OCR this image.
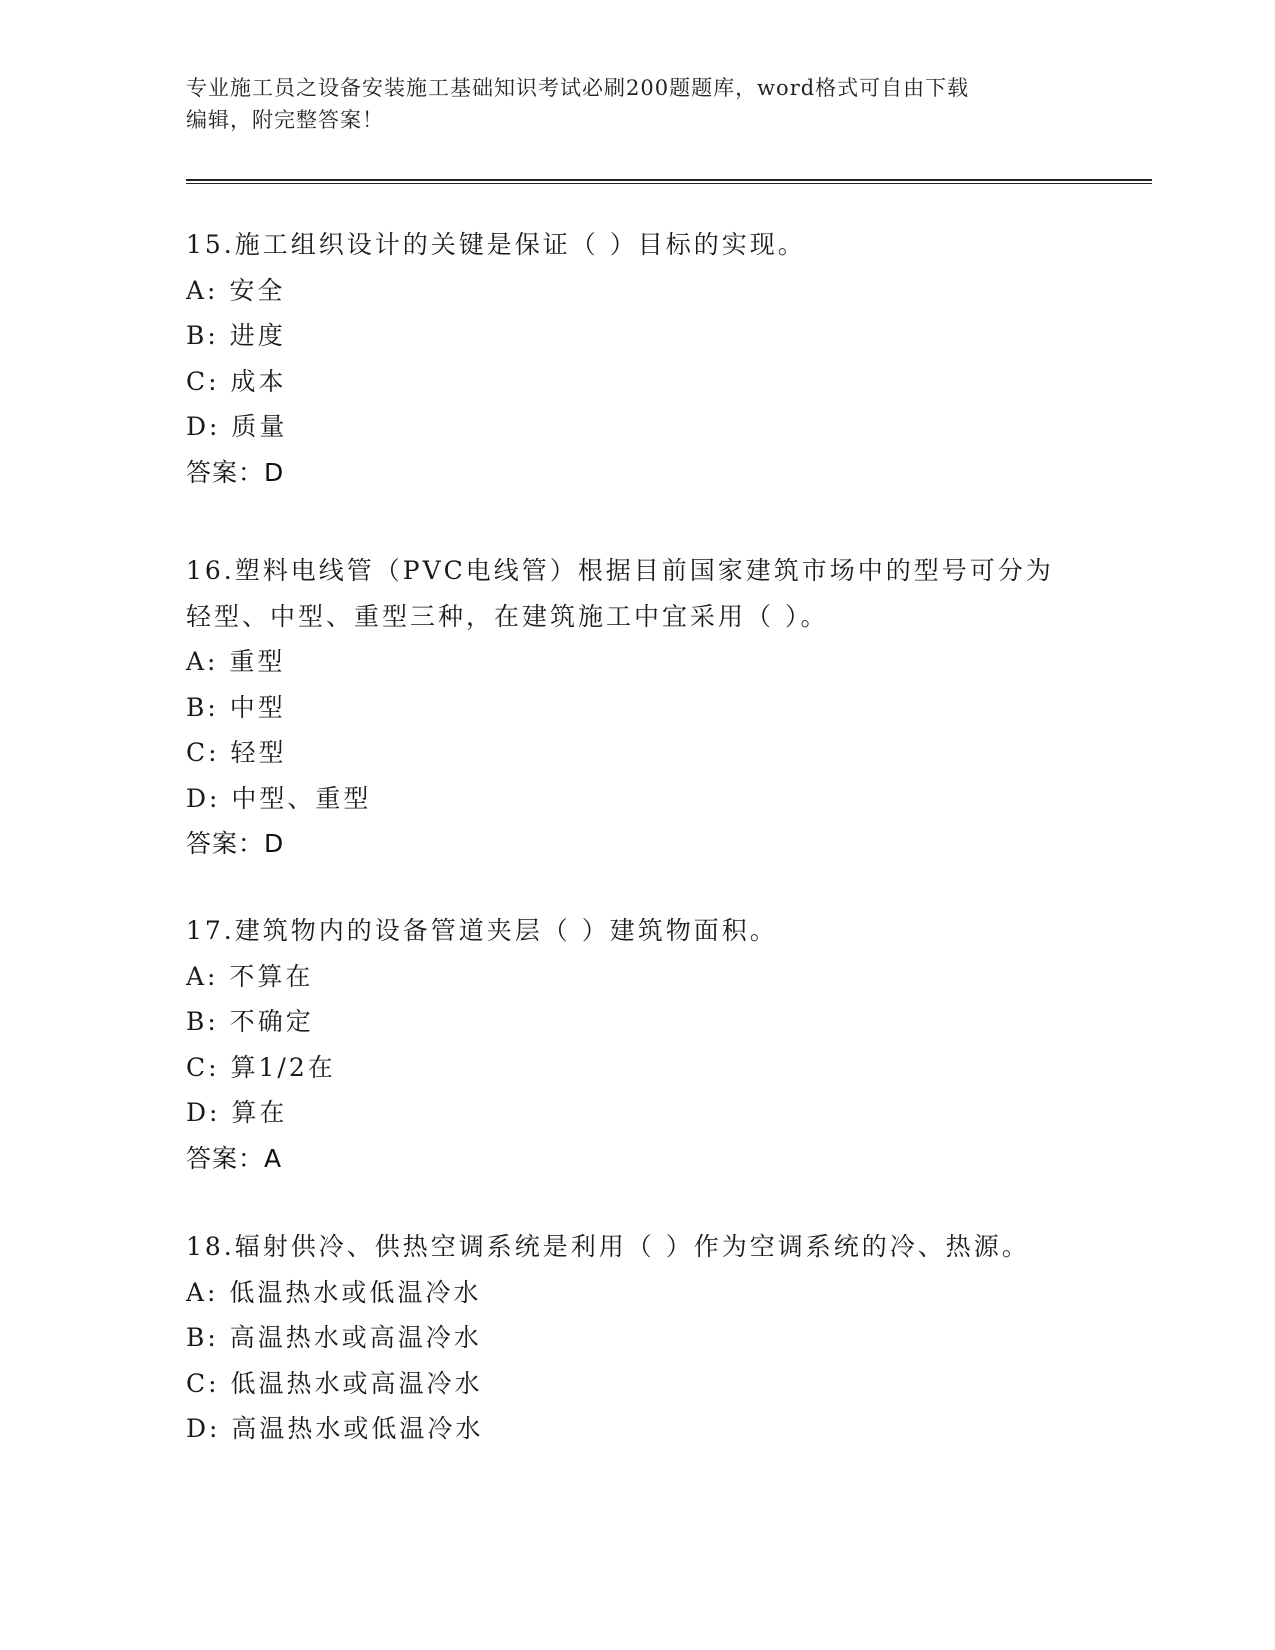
专业施工员之设备安装施工基础知识考试必刷200题题库，word格式可自由下载
编辑，附完整答案！
15.施工组织设计的关键是保证（ ）目标的实现。
A: 安全
B: 进度
C: 成本
D: 质量
答案：D
16.塑料电线管（PVC电线管）根据目前国家建筑市场中的型号可分为
轻型、中型、重型三种，在建筑施工中宜采用（ ）。
A: 重型
B: 中型
C: 轻型
D: 中型、重型
答案：D
17.建筑物内的设备管道夹层（ ）建筑物面积。
A: 不算在
B: 不确定
C: 算1/2在
D: 算在
答案：A
18.辐射供冷、供热空调系统是利用（ ）作为空调系统的冷、热源。
A: 低温热水或低温冷水
B: 高温热水或高温冷水
C: 低温热水或高温冷水
D: 高温热水或低温冷水
